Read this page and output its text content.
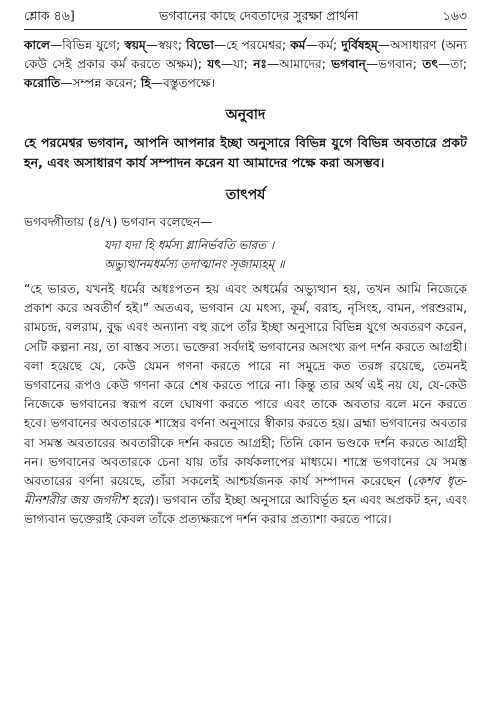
শ্লোক ৪৬]	ভগবানের কাছে দেবতাদের সুরক্ষা প্রার্থনা	১৬৩
কালে—বিভিন্ন যুগে; স্বয়ম্—স্বয়ং; বিভো—হে পরমেশ্বর; কর্ম—কর্ম; দুর্বিষহম্—অসাধারণ (অন্য কেউ সেই প্রকার কর্ম করতে অক্ষম); যৎ—যা; নঃ—আমাদের; ভগবান্—ভগবান; তৎ—তা; করোতি—সম্পন্ন করেন; হি—বস্তুতপক্ষে।
অনুবাদ
হে পরমেশ্বর ভগবান, আপনি আপনার ইচ্ছা অনুসারে বিভিন্ন যুগে বিভিন্ন অবতারে প্রকট হন, এবং অসাধারণ কার্য সম্পাদন করেন যা আমাদের পক্ষে করা অসম্ভব।
তাৎপর্য
ভগবদ্গীতায় (৪/৭) ভগবান বলেছেন—
যদা যদা হি ধর্মস্য গ্লানির্ভবতি ভারত ।
অভ্যুত্থানমধর্মস্য তদাত্মানং সৃজাম্যহম্ ॥
“হে ভারত, যখনই ধর্মের অধঃপতন হয় এবং অধর্মের অভ্যুত্থান হয়, তখন আমি নিজেকে প্রকাশ করে অবতীর্ণ হই।” অতএব, ভগবান যে মৎস্য, কূর্ম, বরাহ, নৃসিংহ, বামন, পরশুরাম, রামচন্দ্র, বলরাম, বুদ্ধ এবং অন্যান্য বহু রূপে তাঁর ইচ্ছা অনুসারে বিভিন্ন যুগে অবতরণ করেন, সেটি কল্পনা নয়, তা বাস্তব সত্য। ভক্তেরা সর্বদাই ভগবানের অসংখ্য রূপ দর্শন করতে আগ্রহী। বলা হয়েছে যে, কেউ যেমন গণনা করতে পারে না সমুদ্রে কত তরঙ্গ রয়েছে, তেমনই ভগবানের রূপও কেউ গণনা করে শেষ করতে পারে না। কিন্তু তার অর্থ এই নয় যে, যে-কেউ নিজেকে ভগবানের স্বরূপ বলে ঘোষণা করতে পারে এবং তাকে অবতার বলে মনে করতে হবে। ভগবানের অবতারকে শাস্ত্রের বর্ণনা অনুসারে স্বীকার করতে হয়। ব্রহ্মা ভগবানের অবতার বা সমস্ত অবতারের অবতারীকে দর্শন করতে আগ্রহী; তিনি কোন ভণ্ডকে দর্শন করতে আগ্রহী নন। ভগবানের অবতারকে চেনা যায় তাঁর কার্যকলাপের মাধ্যমে। শাস্ত্রে ভগবানের যে সমস্ত অবতারের বর্ণনা রয়েছে, তাঁরা সকলেই আশ্চর্যজনক কার্য সম্পাদন করেছেন (কেশব ধৃত-মীনশরীর জয় জগদীশ হরে)। ভগবান তাঁর ইচ্ছা অনুসারে আবির্ভূত হন এবং অপ্রকট হন, এবং ভাগ্যবান ভক্তেরাই কেবল তাঁকে প্রত্যক্ষরূপে দর্শন করার প্রত্যাশা করতে পারে।
